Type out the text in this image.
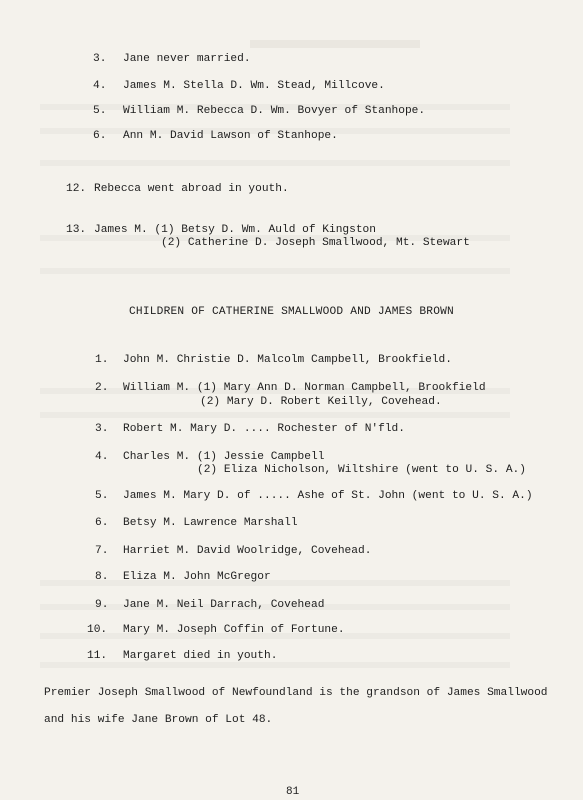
3. Jane never married.
4. James M. Stella D. Wm. Stead, Millcove.
5. William M. Rebecca D. Wm. Bovyer of Stanhope.
6. Ann M. David Lawson of Stanhope.
12. Rebecca went abroad in youth.
13. James M. (1) Betsy D. Wm. Auld of Kingston
(2) Catherine D. Joseph Smallwood, Mt. Stewart
CHILDREN OF CATHERINE SMALLWOOD AND JAMES BROWN
1. John M. Christie D. Malcolm Campbell, Brookfield.
2. William M. (1) Mary Ann D. Norman Campbell, Brookfield
(2) Mary D. Robert Keilly, Covehead.
3. Robert M. Mary D. .... Rochester of N'fld.
4. Charles M. (1) Jessie Campbell
(2) Eliza Nicholson, Wiltshire (went to U. S. A.)
5. James M. Mary D. of ..... Ashe of St. John (went to U. S. A.)
6. Betsy M. Lawrence Marshall
7. Harriet M. David Woolridge, Covehead.
8. Eliza M. John McGregor
9. Jane M. Neil Darrach, Covehead
10. Mary M. Joseph Coffin of Fortune.
11. Margaret died in youth.
Premier Joseph Smallwood of Newfoundland is the grandson of James Smallwood
and his wife Jane Brown of Lot 48.
81
